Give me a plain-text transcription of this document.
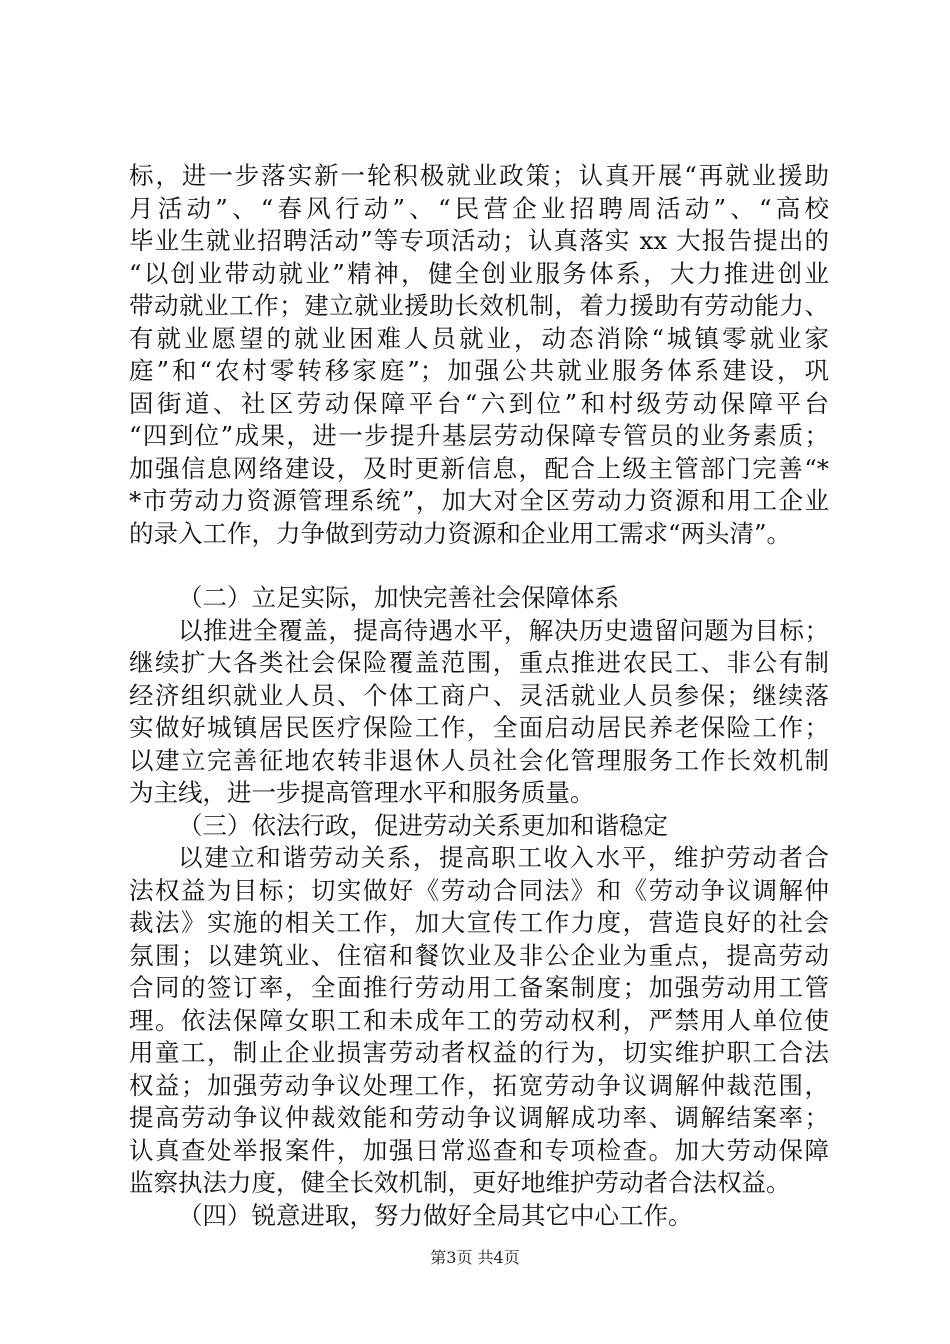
标，进一步落实新一轮积极就业政策；认真开展“再就业援助
月活动”、“春风行动”、“民营企业招聘周活动”、“高校
毕业生就业招聘活动”等专项活动；认真落实 xx 大报告提出的
“以创业带动就业”精神，健全创业服务体系，大力推进创业
带动就业工作；建立就业援助长效机制，着力援助有劳动能力、
有就业愿望的就业困难人员就业，动态消除“城镇零就业家
庭”和“农村零转移家庭”；加强公共就业服务体系建设，巩
固街道、社区劳动保障平台“六到位”和村级劳动保障平台
“四到位”成果，进一步提升基层劳动保障专管员的业务素质；
加强信息网络建设，及时更新信息，配合上级主管部门完善“*
*市劳动力资源管理系统”，加大对全区劳动力资源和用工企业
的录入工作，力争做到劳动力资源和企业用工需求“两头清”。
（二）立足实际，加快完善社会保障体系
以推进全覆盖，提高待遇水平，解决历史遗留问题为目标；
继续扩大各类社会保险覆盖范围，重点推进农民工、非公有制
经济组织就业人员、个体工商户、灵活就业人员参保；继续落
实做好城镇居民医疗保险工作，全面启动居民养老保险工作；
以建立完善征地农转非退休人员社会化管理服务工作长效机制
为主线，进一步提高管理水平和服务质量。
（三）依法行政，促进劳动关系更加和谐稳定
以建立和谐劳动关系，提高职工收入水平，维护劳动者合
法权益为目标；切实做好《劳动合同法》和《劳动争议调解仲
裁法》实施的相关工作，加大宣传工作力度，营造良好的社会
氛围；以建筑业、住宿和餐饮业及非公企业为重点，提高劳动
合同的签订率，全面推行劳动用工备案制度；加强劳动用工管
理。依法保障女职工和未成年工的劳动权利，严禁用人单位使
用童工，制止企业损害劳动者权益的行为，切实维护职工合法
权益；加强劳动争议处理工作，拓宽劳动争议调解仲裁范围，
提高劳动争议仲裁效能和劳动争议调解成功率、调解结案率；
认真查处举报案件，加强日常巡查和专项检查。加大劳动保障
监察执法力度，健全长效机制，更好地维护劳动者合法权益。
（四）锐意进取，努力做好全局其它中心工作。
第3页 共4页
